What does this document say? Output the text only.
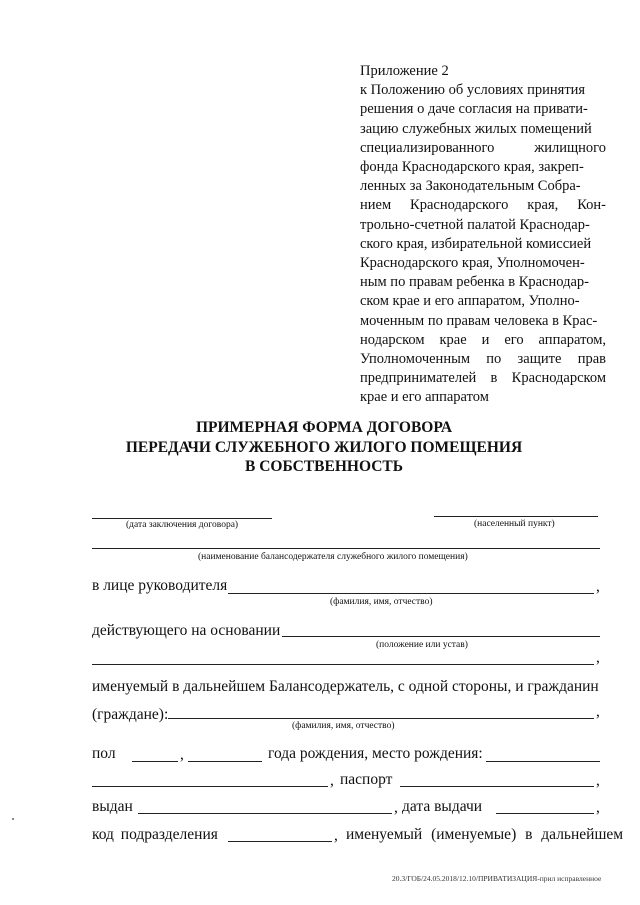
Приложение 2
к Положению об условиях принятия
решения о даче согласия на привати-
зацию служебных жилых помещений
специализированного жилищного
фонда Краснодарского края, закреп-
ленных за Законодательным Собра-
нием Краснодарского края, Кон-
трольно-счетной палатой Краснодар-
ского края, избирательной комиссией
Краснодарского края, Уполномочен-
ным по правам ребенка в Краснодар-
ском крае и его аппаратом, Уполно-
моченным по правам человека в Крас-
нодарском крае и его аппаратом,
Уполномоченным по защите прав
предпринимателей в Краснодарском
крае и его аппаратом
ПРИМЕРНАЯ ФОРМА ДОГОВОРА
ПЕРЕДАЧИ СЛУЖЕБНОГО ЖИЛОГО ПОМЕЩЕНИЯ
В СОБСТВЕННОСТЬ
(дата заключения договора)	(населенный пункт)
(наименование балансодержателя служебного жилого помещения)
в лице руководителя	,
(фамилия, имя, отчество)
действующего на основании
(положение или устав)
,
именуемый в дальнейшем Балансодержатель, с одной стороны, и гражданин
(граждане):	,
(фамилия, имя, отчество)
пол	,	года рождения, место рождения:
, паспорт	,
выдан	, дата выдачи	,
код подразделения	, именуемый (именуемые) в дальнейшем
20.3/ГОБ/24.05.2018/12.10/ПРИВАТИЗАЦИЯ-прил исправленное
